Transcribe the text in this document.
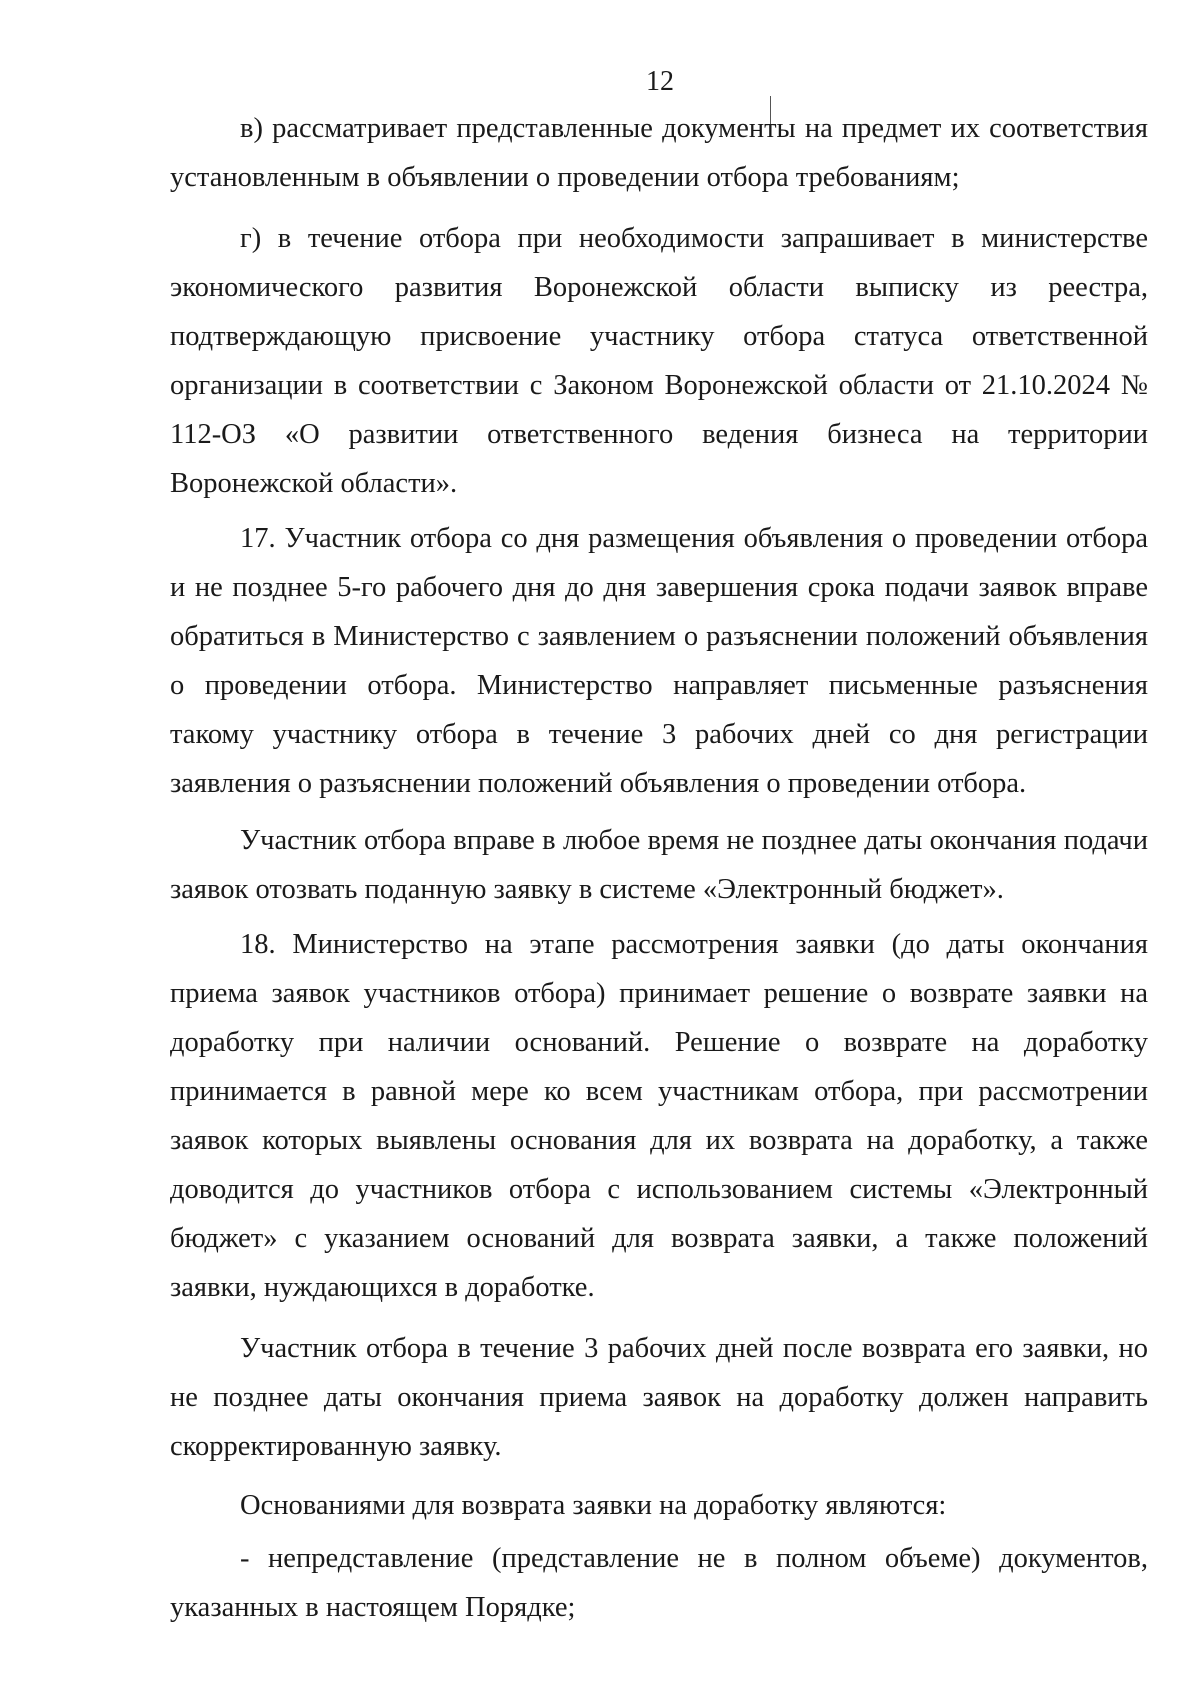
12

в) рассматривает представленные документы на предмет их соответствия установленным в объявлении о проведении отбора требованиям;

г) в течение отбора при необходимости запрашивает в министерстве экономического развития Воронежской области выписку из реестра, подтверждающую присвоение участнику отбора статуса ответственной организации в соответствии с Законом Воронежской области от 21.10.2024 № 112-ОЗ «О развитии ответственного ведения бизнеса на территории Воронежской области».

17. Участник отбора со дня размещения объявления о проведении отбора и не позднее 5-го рабочего дня до дня завершения срока подачи заявок вправе обратиться в Министерство с заявлением о разъяснении положений объявления о проведении отбора. Министерство направляет письменные разъяснения такому участнику отбора в течение 3 рабочих дней со дня регистрации заявления о разъяснении положений объявления о проведении отбора.

Участник отбора вправе в любое время не позднее даты окончания подачи заявок отозвать поданную заявку в системе «Электронный бюджет».

18. Министерство на этапе рассмотрения заявки (до даты окончания приема заявок участников отбора) принимает решение о возврате заявки на доработку при наличии оснований. Решение о возврате на доработку принимается в равной мере ко всем участникам отбора, при рассмотрении заявок которых выявлены основания для их возврата на доработку, а также доводится до участников отбора с использованием системы «Электронный бюджет» с указанием оснований для возврата заявки, а также положений заявки, нуждающихся в доработке.

Участник отбора в течение 3 рабочих дней после возврата его заявки, но не позднее даты окончания приема заявок на доработку должен направить скорректированную заявку.

Основаниями для возврата заявки на доработку являются:

- непредставление (представление не в полном объеме) документов, указанных в настоящем Порядке;
